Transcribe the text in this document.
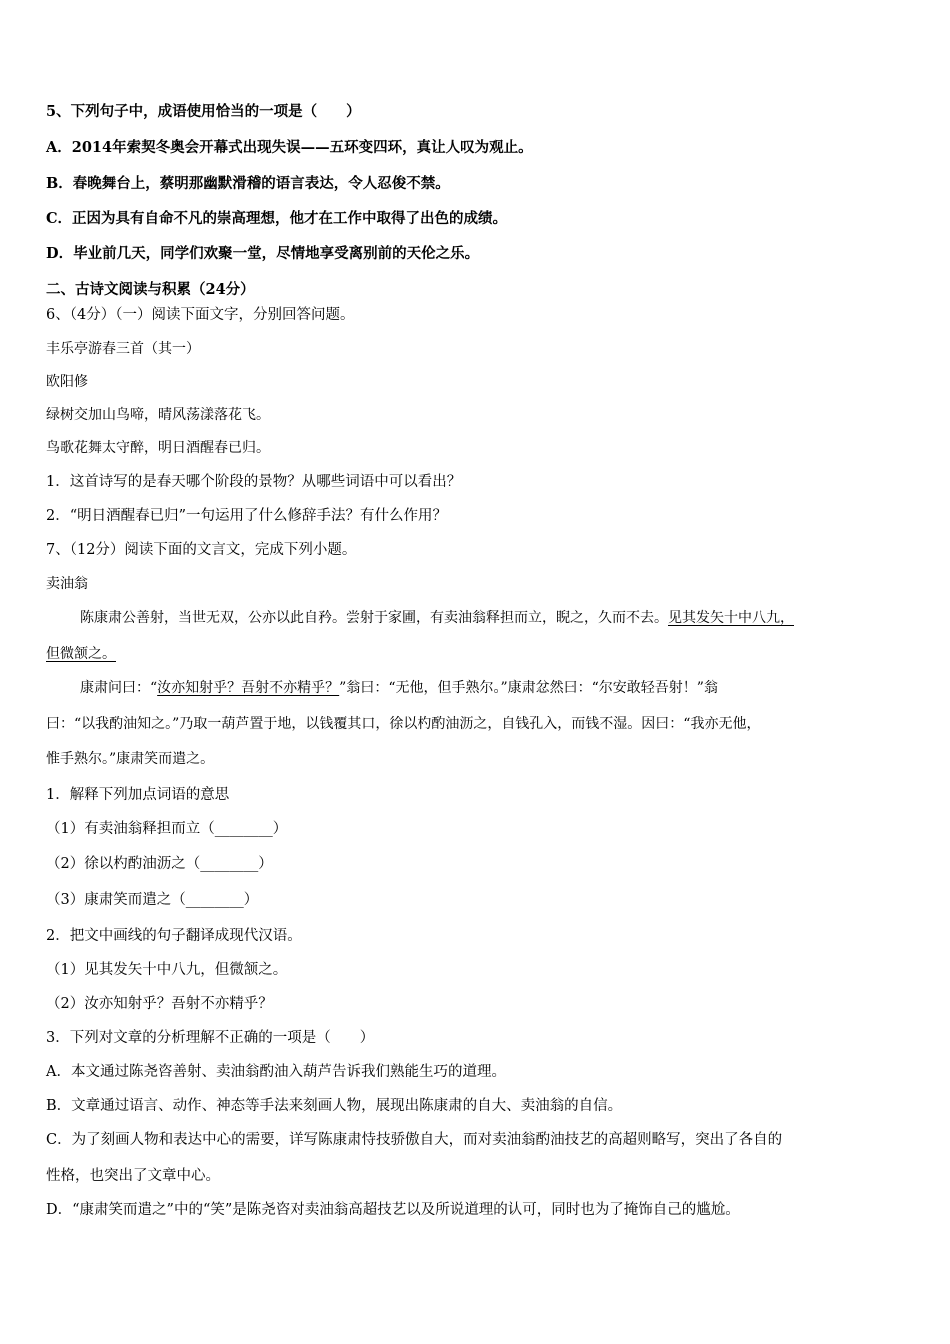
5、下列句子中，成语使用恰当的一项是（　　）
A．2014年索契冬奥会开幕式出现失误——五环变四环，真让人叹为观止。
B．春晚舞台上，蔡明那幽默滑稽的语言表达，令人忍俊不禁。
C．正因为具有自命不凡的崇高理想，他才在工作中取得了出色的成绩。
D．毕业前几天，同学们欢聚一堂，尽情地享受离别前的天伦之乐。
二、古诗文阅读与积累（24分）
6、（4分）（一）阅读下面文字，分别回答问题。
丰乐亭游春三首（其一）
欧阳修
绿树交加山鸟啼，晴风荡漾落花飞。
鸟歌花舞太守醉，明日酒醒春已归。
1．这首诗写的是春天哪个阶段的景物？从哪些词语中可以看出？
2．“明日酒醒春已归”一句运用了什么修辞手法？有什么作用？
7、（12分）阅读下面的文言文，完成下列小题。
卖油翁
陈康肃公善射，当世无双，公亦以此自矜。尝射于家圃，有卖油翁释担而立，睨之，久而不去。见其发矢十中八九，
但微颔之。
康肃问曰：“汝亦知射乎？吾射不亦精乎？”翁曰：“无他，但手熟尔。”康肃忿然曰：“尔安敢轻吾射！”翁
曰：“以我酌油知之。”乃取一葫芦置于地，以钱覆其口，徐以杓酌油沥之，自钱孔入，而钱不湿。因曰：“我亦无他，
惟手熟尔。”康肃笑而遣之。
1．解释下列加点词语的意思
（1）有卖油翁释担而立（________）
（2）徐以杓酌油沥之（________）
（3）康肃笑而遣之（________）
2．把文中画线的句子翻译成现代汉语。
（1）见其发矢十中八九，但微颔之。
（2）汝亦知射乎？吾射不亦精乎？
3．下列对文章的分析理解不正确的一项是（　　）
A．本文通过陈尧咨善射、卖油翁酌油入葫芦告诉我们熟能生巧的道理。
B．文章通过语言、动作、神态等手法来刻画人物，展现出陈康肃的自大、卖油翁的自信。
C．为了刻画人物和表达中心的需要，详写陈康肃恃技骄傲自大，而对卖油翁酌油技艺的高超则略写，突出了各自的
性格，也突出了文章中心。
D．“康肃笑而遣之”中的“笑”是陈尧咨对卖油翁高超技艺以及所说道理的认可，同时也为了掩饰自己的尴尬。
